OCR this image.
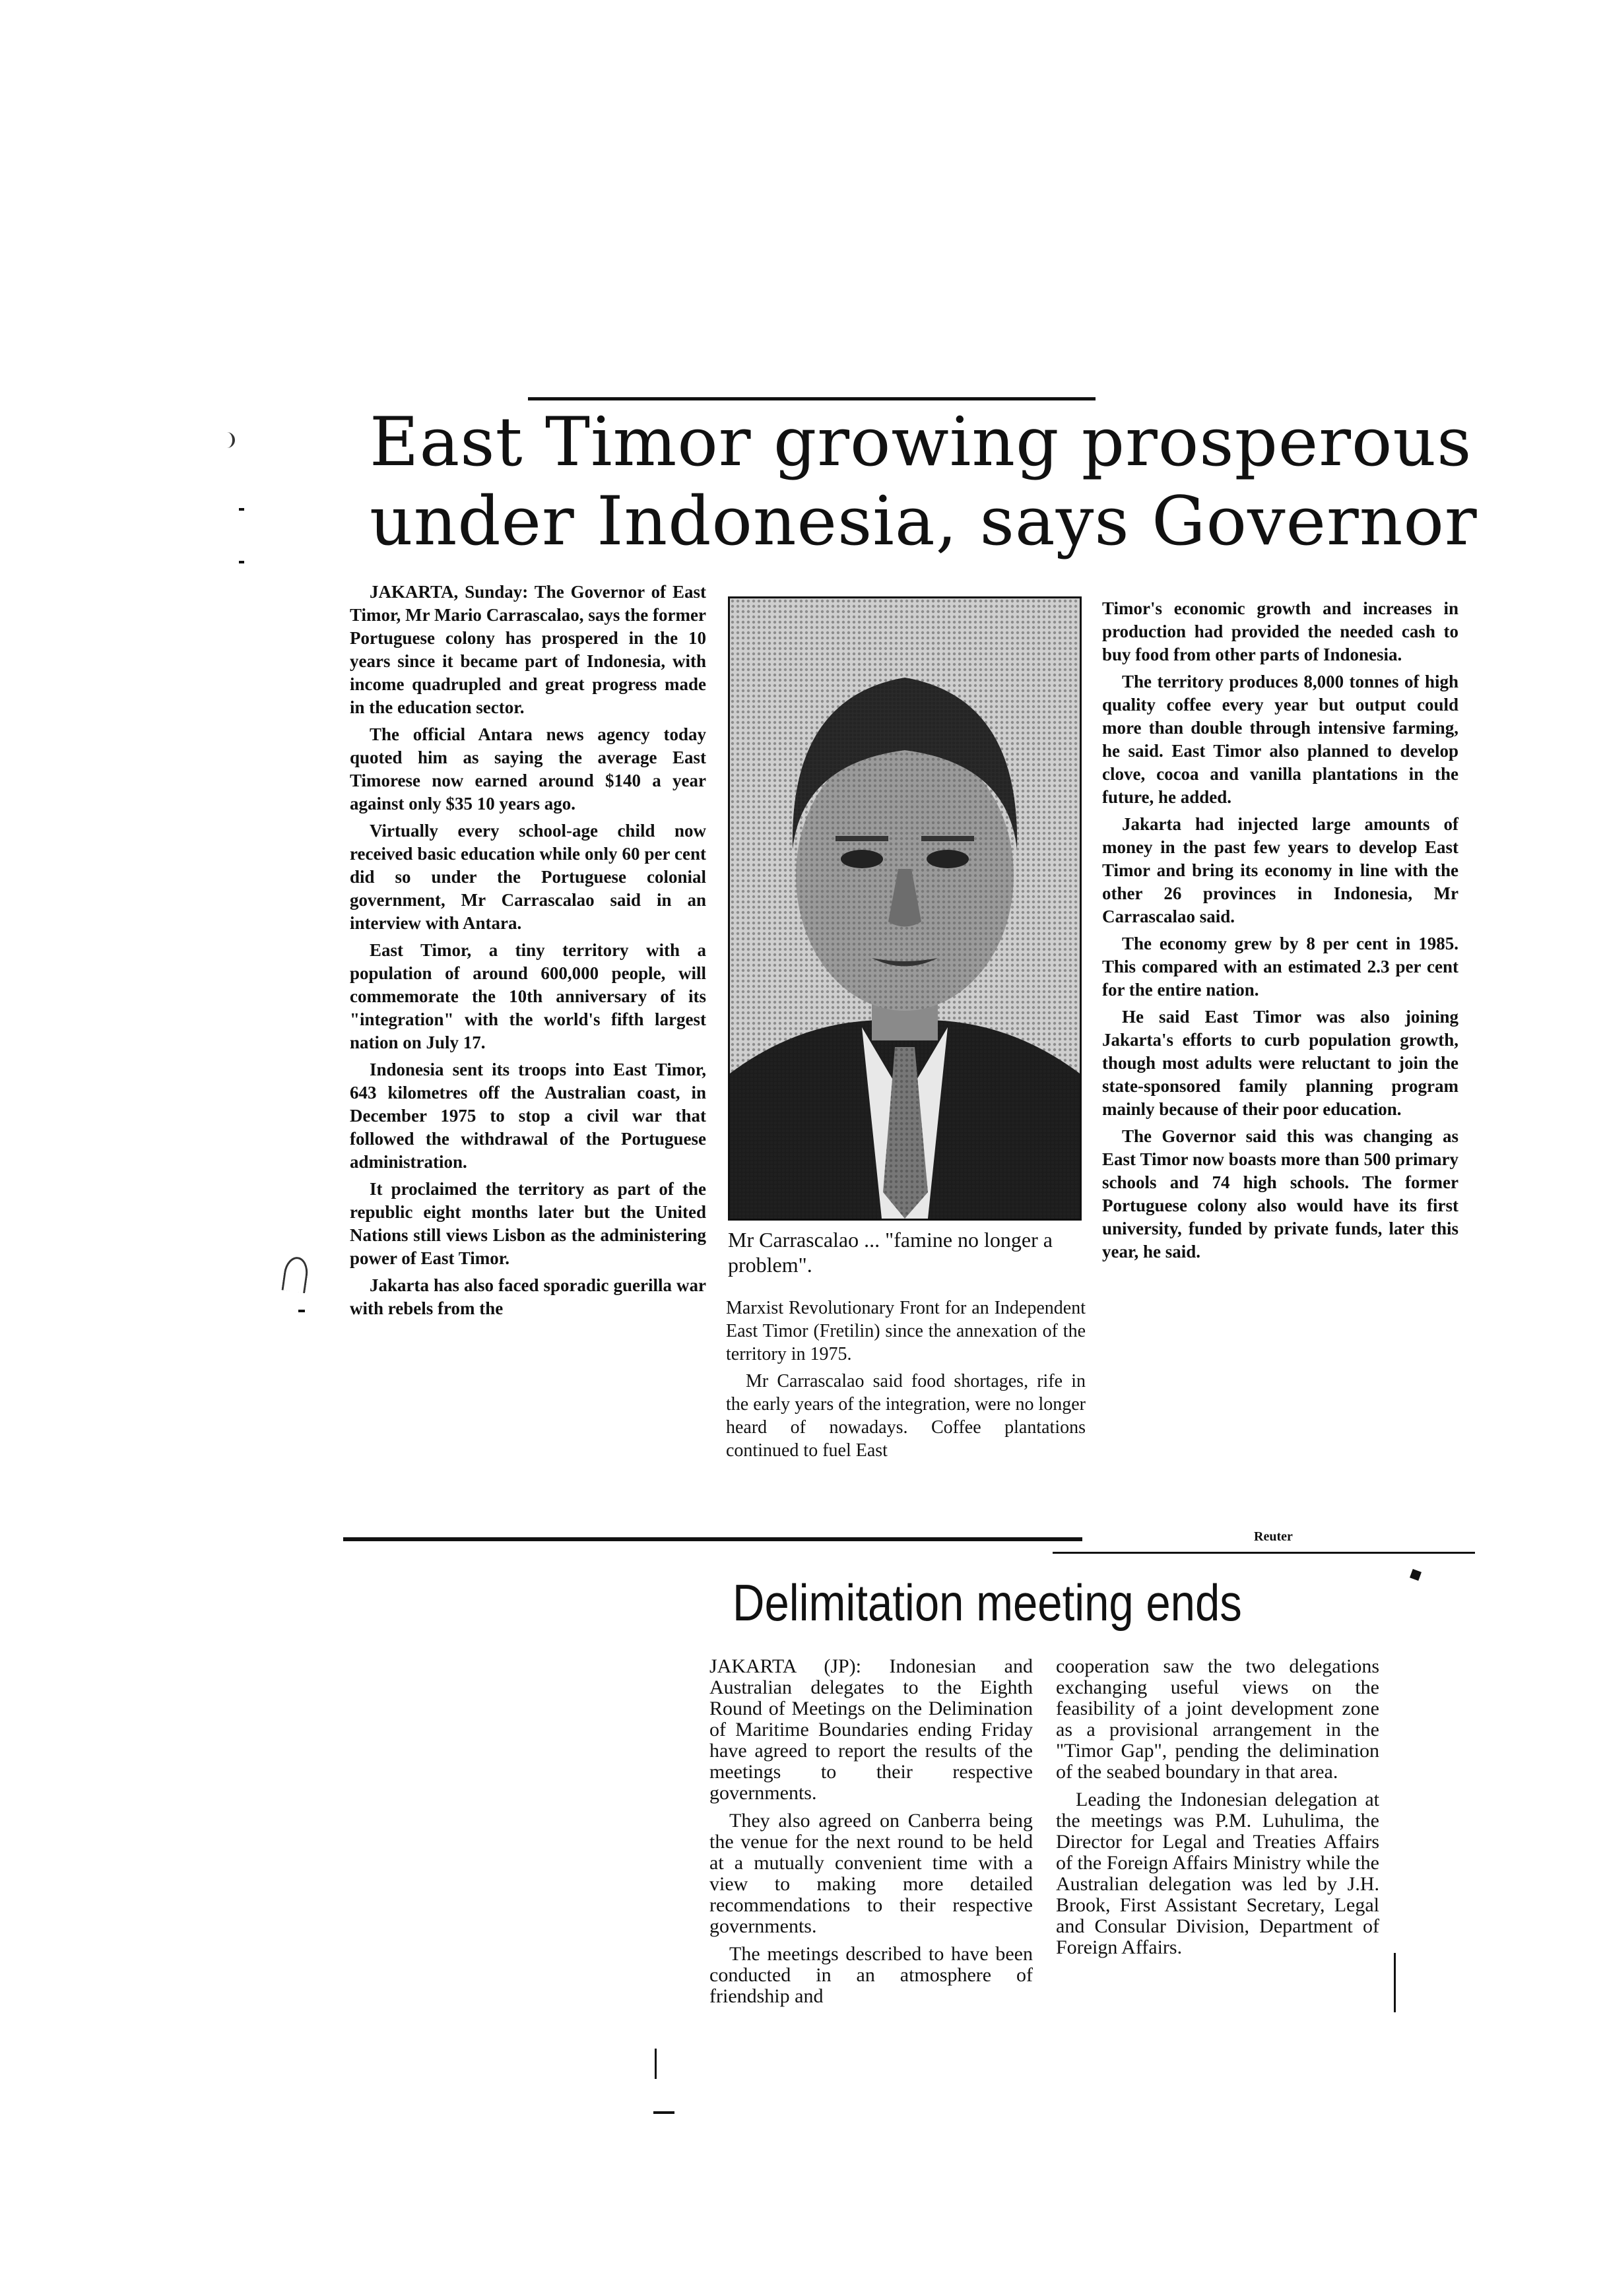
East Timor growing prosperous
under Indonesia, says Governor

JAKARTA, Sunday: The Governor of East Timor, Mr Mario Carrascalao, says the former Portuguese colony has prospered in the 10 years since it became part of Indonesia, with income quadrupled and great progress made in the education sector.

The official Antara news agency today quoted him as saying the average East Timorese now earned around $140 a year against only $35 10 years ago.

Virtually every school-age child now received basic education while only 60 per cent did so under the Portuguese colonial government, Mr Carrascalao said in an interview with Antara.

East Timor, a tiny territory with a population of around 600,000 people, will commemorate the 10th anniversary of its "integration" with the world's fifth largest nation on July 17.

Indonesia sent its troops into East Timor, 643 kilometres off the Australian coast, in December 1975 to stop a civil war that followed the withdrawal of the Portuguese administration.

It proclaimed the territory as part of the republic eight months later but the United Nations still views Lisbon as the administering power of East Timor.

Jakarta has also faced sporadic guerilla war with rebels from the

Mr Carrascalao ... "famine no longer a problem".

Marxist Revolutionary Front for an Independent East Timor (Fretilin) since the annexation of the territory in 1975.

Mr Carrascalao said food shortages, rife in the early years of the integration, were no longer heard of nowadays. Coffee plantations continued to fuel East

Timor's economic growth and increases in production had provided the needed cash to buy food from other parts of Indonesia.

The territory produces 8,000 tonnes of high quality coffee every year but output could more than double through intensive farming, he said. East Timor also planned to develop clove, cocoa and vanilla plantations in the future, he added.

Jakarta had injected large amounts of money in the past few years to develop East Timor and bring its economy in line with the other 26 provinces in Indonesia, Mr Carrascalao said.

The economy grew by 8 per cent in 1985. This compared with an estimated 2.3 per cent for the entire nation.

He said East Timor was also joining Jakarta's efforts to curb population growth, though most adults were reluctant to join the state-sponsored family planning program mainly because of their poor education.

The Governor said this was changing as East Timor now boasts more than 500 primary schools and 74 high schools. The former Portuguese colony also would have its first university, funded by private funds, later this year, he said.

Reuter
Delimitation meeting ends

JAKARTA (JP): Indonesian and Australian delegates to the Eighth Round of Meetings on the Delimination of Maritime Boundaries ending Friday have agreed to report the results of the meetings to their respective governments.

They also agreed on Canberra being the venue for the next round to be held at a mutually convenient time with a view to making more detailed recommendations to their respective governments.

The meetings described to have been conducted in an atmosphere of friendship and

cooperation saw the two delegations exchanging useful views on the feasibility of a joint development zone as a provisional arrangement in the "Timor Gap", pending the delimination of the seabed boundary in that area.

Leading the Indonesian delegation at the meetings was P.M. Luhulima, the Director for Legal and Treaties Affairs of the Foreign Affairs Ministry while the Australian delegation was led by J.H. Brook, First Assistant Secretary, Legal and Consular Division, Department of Foreign Affairs.
